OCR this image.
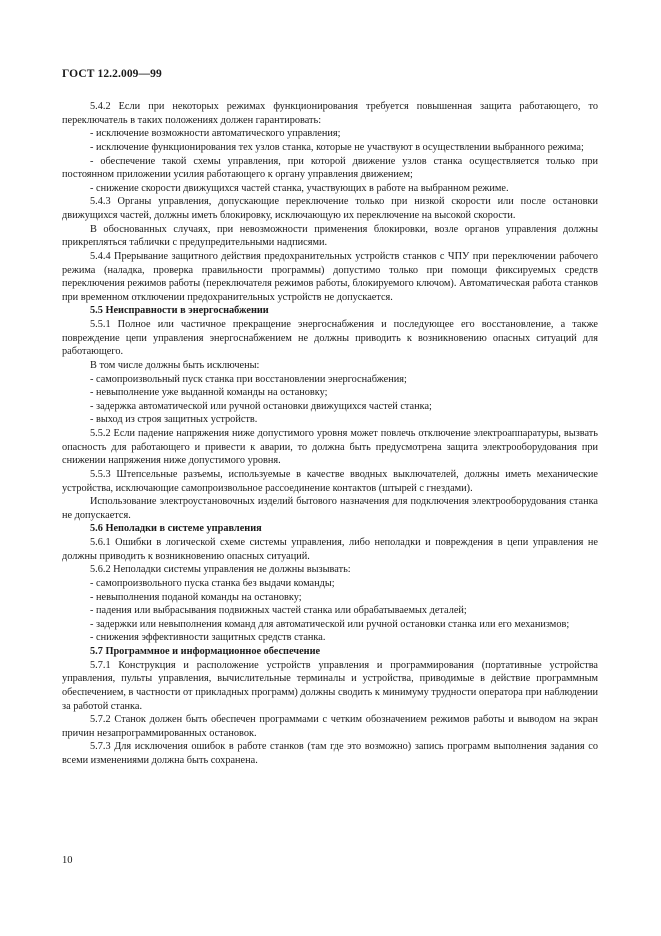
ГОСТ 12.2.009—99

5.4.2 Если при некоторых режимах функционирования требуется повышенная защита работающего, то переключатель в таких положениях должен гарантировать:

- исключение возможности автоматического управления;

- исключение функционирования тех узлов станка, которые не участвуют в осуществлении выбранного режима;

- обеспечение такой схемы управления, при которой движение узлов станка осуществляется только при постоянном приложении усилия работающего к органу управления движением;

- снижение скорости движущихся частей станка, участвующих в работе на выбранном режиме.

5.4.3 Органы управления, допускающие переключение только при низкой скорости или после остановки движущихся частей, должны иметь блокировку, исключающую их переключение на высокой скорости.

В обоснованных случаях, при невозможности применения блокировки, возле органов управления должны прикрепляться таблички с предупредительными надписями.

5.4.4 Прерывание защитного действия предохранительных устройств станков с ЧПУ при переключении рабочего режима (наладка, проверка правильности программы) допустимо только при помощи фиксируемых средств переключения режимов работы (переключателя режимов работы, блокируемого ключом). Автоматическая работа станков при временном отключении предохранительных устройств не допускается.

5.5 Неисправности в энергоснабжении

5.5.1 Полное или частичное прекращение энергоснабжения и последующее его восстановление, а также повреждение цепи управления энергоснабжением не должны приводить к возникновению опасных ситуаций для работающего.

В том числе должны быть исключены:

- самопроизвольный пуск станка при восстановлении энергоснабжения;

- невыполнение уже выданной команды на остановку;

- задержка автоматической или ручной остановки движущихся частей станка;

- выход из строя защитных устройств.

5.5.2 Если падение напряжения ниже допустимого уровня может повлечь отключение электроаппаратуры, вызвать опасность для работающего и привести к аварии, то должна быть предусмотрена защита электрооборудования при снижении напряжения ниже допустимого уровня.

5.5.3 Штепсельные разъемы, используемые в качестве вводных выключателей, должны иметь механические устройства, исключающие самопроизвольное рассоединение контактов (штырей с гнездами).

Использование электроустановочных изделий бытового назначения для подключения электрооборудования станка не допускается.

5.6 Неполадки в системе управления

5.6.1 Ошибки в логической схеме системы управления, либо неполадки и повреждения в цепи управления не должны приводить к возникновению опасных ситуаций.

5.6.2 Неполадки системы управления не должны вызывать:

- самопроизвольного пуска станка без выдачи команды;

- невыполнения поданой команды на остановку;

- падения или выбрасывания подвижных частей станка или обрабатываемых деталей;

- задержки или невыполнения команд для автоматической или ручной остановки станка или его механизмов;

- снижения эффективности защитных средств станка.

5.7 Программное и информационное обеспечение

5.7.1 Конструкция и расположение устройств управления и программирования (портативные устройства управления, пульты управления, вычислительные терминалы и устройства, приводимые в действие программным обеспечением, в частности от прикладных программ) должны сводить к минимуму трудности оператора при наблюдении за работой станка.

5.7.2 Станок должен быть обеспечен программами с четким обозначением режимов работы и выводом на экран причин незапрограммированных остановок.

5.7.3 Для исключения ошибок в работе станков (там где это возможно) запись программ выполнения задания со всеми изменениями должна быть сохранена.

10
